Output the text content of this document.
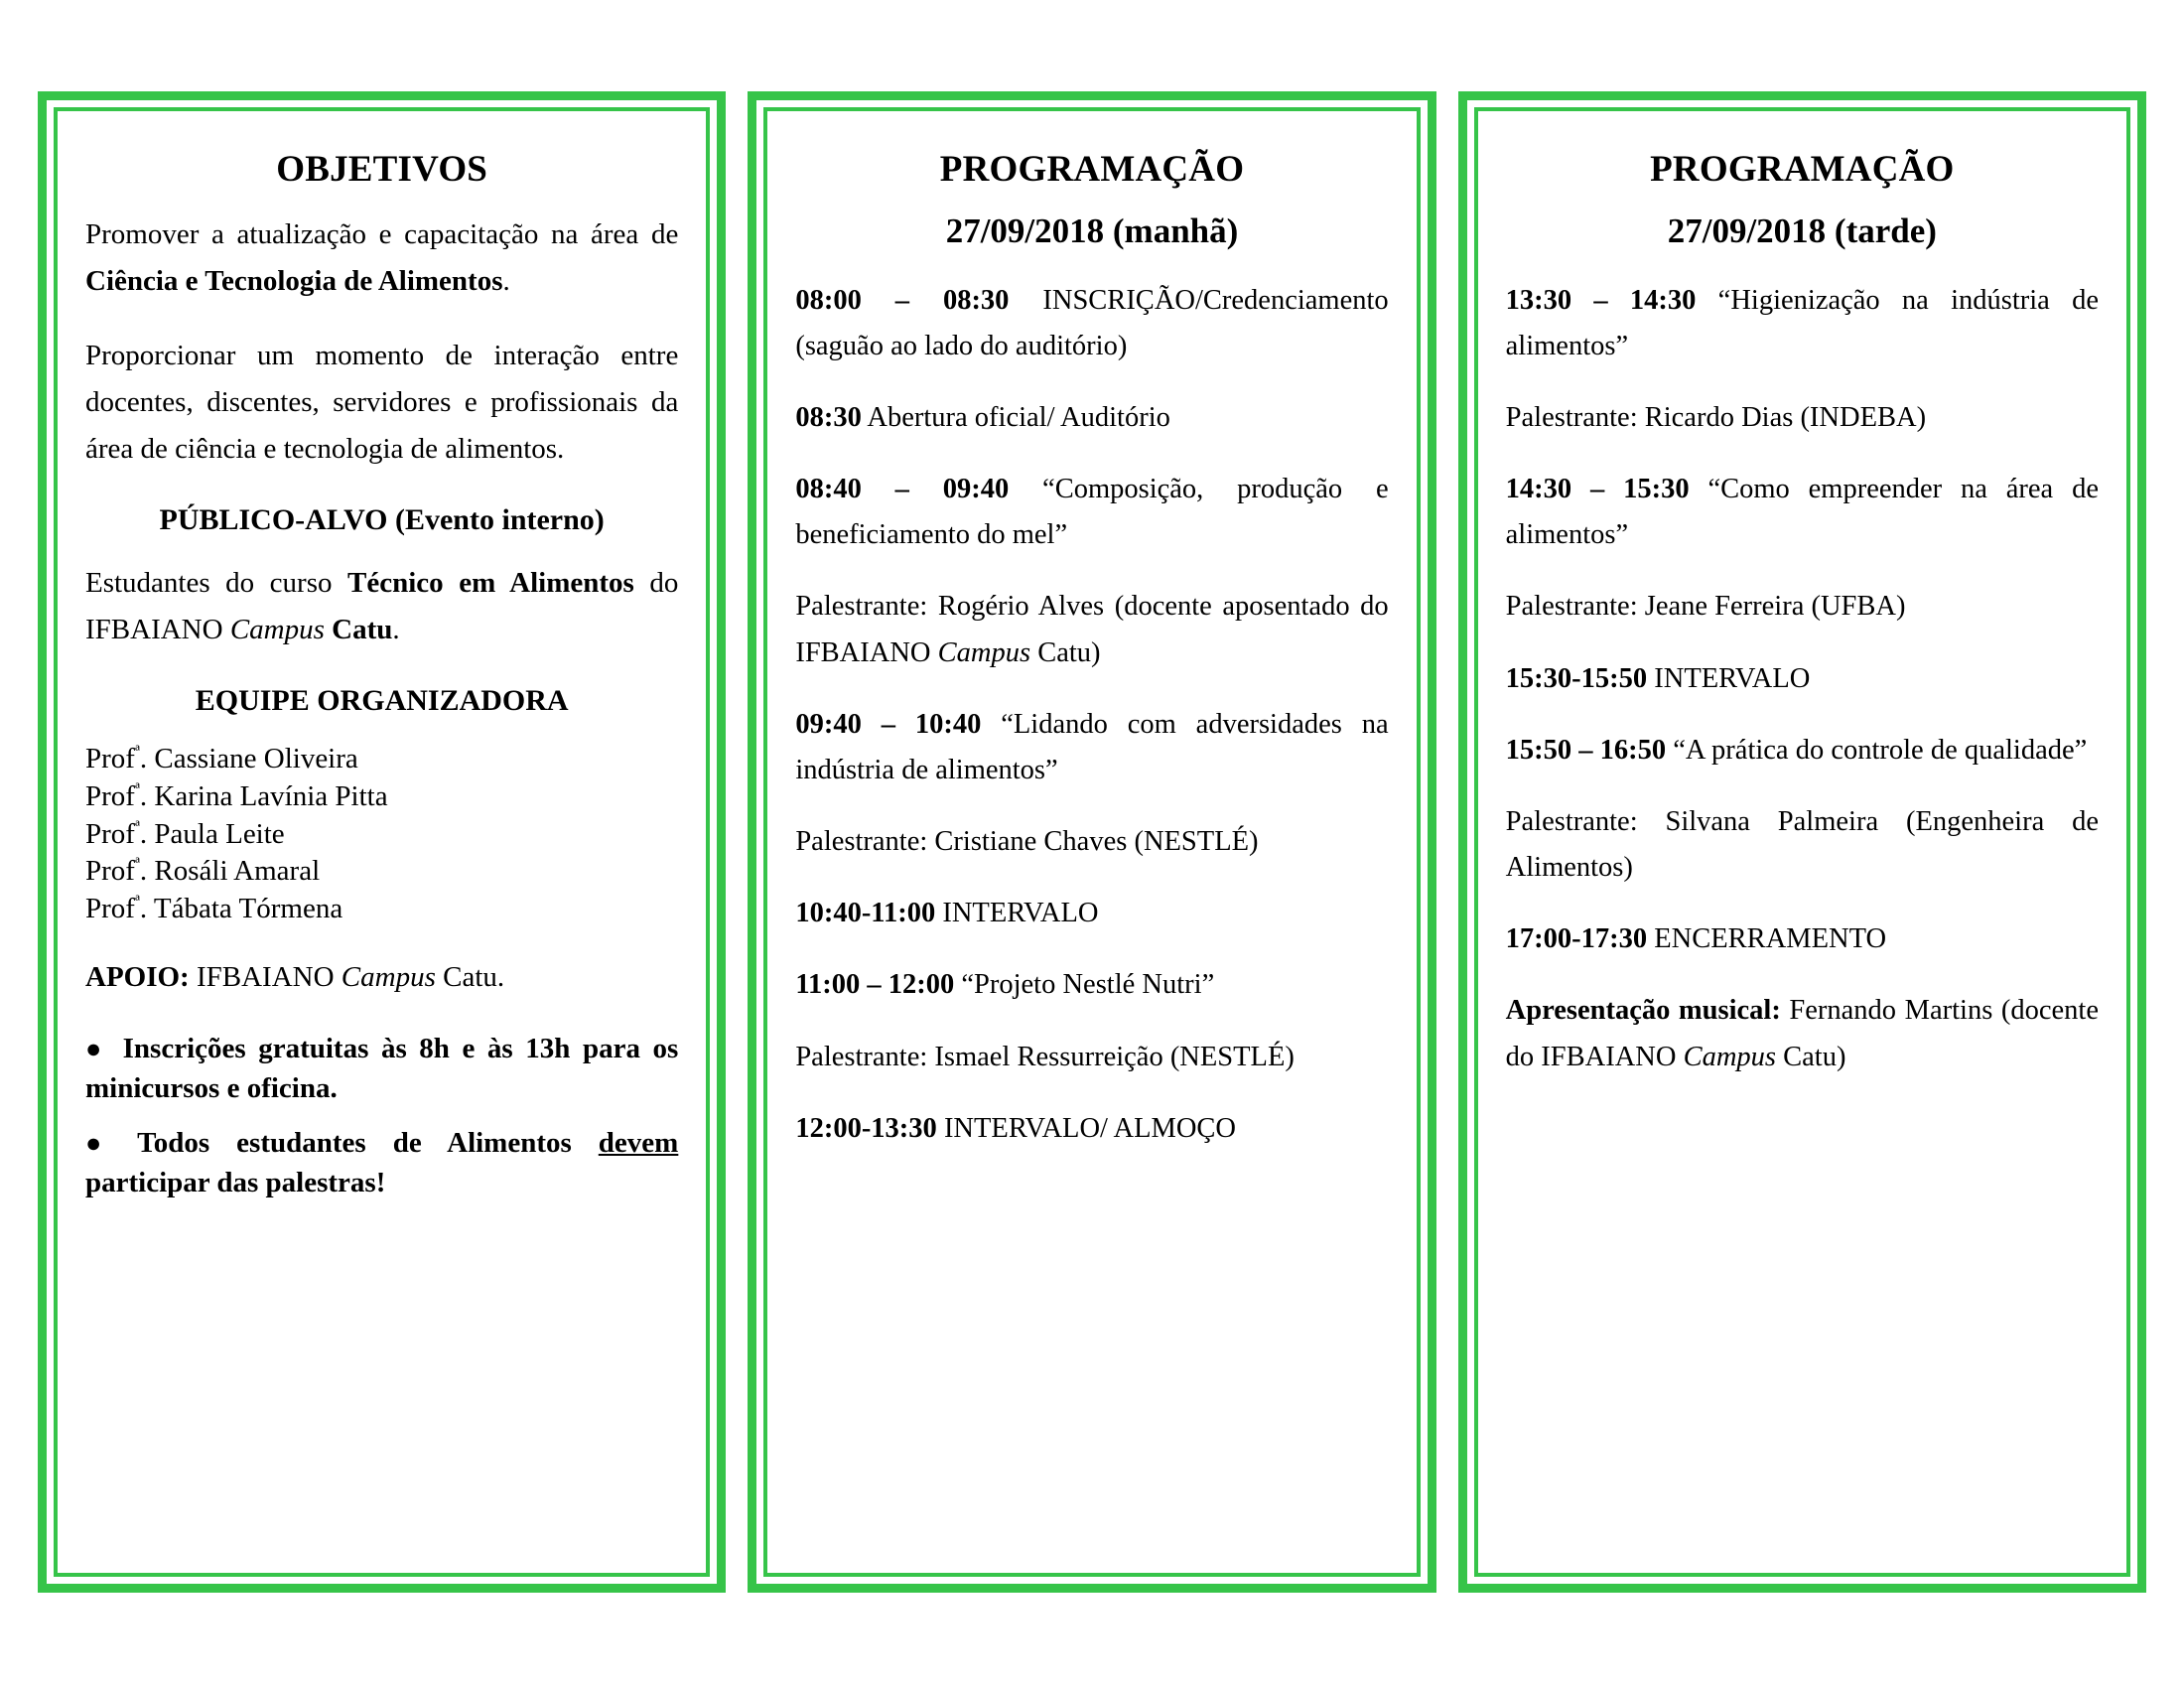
OBJETIVOS

Promover a atualização e capacitação na área de Ciência e Tecnologia de Alimentos.

Proporcionar um momento de interação entre docentes, discentes, servidores e profissionais da área de ciência e tecnologia de alimentos.

PÚBLICO-ALVO (Evento interno)

Estudantes do curso Técnico em Alimentos do IFBAIANO Campus Catu.

EQUIPE ORGANIZADORA
Prof$^ª$. Cassiane Oliveira
Prof$^ª$. Karina Lavínia Pitta
Prof$^ª$. Paula Leite
Prof$^ª$. Rosáli Amaral
Prof$^ª$. Tábata Tórmena

APOIO: IFBAIANO Campus Catu.

● Inscrições gratuitas às 8h e às 13h para os minicursos e oficina.
● Todos estudantes de Alimentos devem participar das palestras!
PROGRAMAÇÃO
27/09/2018 (manhã)

08:00 – 08:30 INSCRIÇÃO/Credenciamento (saguão ao lado do auditório)

08:30 Abertura oficial/ Auditório

08:40 – 09:40 “Composição, produção e beneficiamento do mel”

Palestrante: Rogério Alves (docente aposentado do IFBAIANO Campus Catu)

09:40 – 10:40 “Lidando com adversidades na indústria de alimentos”

Palestrante: Cristiane Chaves (NESTLÉ)

10:40-11:00 INTERVALO

11:00 – 12:00 “Projeto Nestlé Nutri”

Palestrante: Ismael Ressurreição (NESTLÉ)

12:00-13:30 INTERVALO/ ALMOÇO

PROGRAMAÇÃO
27/09/2018 (tarde)

13:30 – 14:30 “Higienização na indústria de alimentos”

Palestrante: Ricardo Dias (INDEBA)

14:30 – 15:30 “Como empreender na área de alimentos”

Palestrante: Jeane Ferreira (UFBA)

15:30-15:50 INTERVALO

15:50 – 16:50 “A prática do controle de qualidade”

Palestrante: Silvana Palmeira (Engenheira de Alimentos)

17:00-17:30 ENCERRAMENTO

Apresentação musical: Fernando Martins (docente do IFBAIANO Campus Catu)
